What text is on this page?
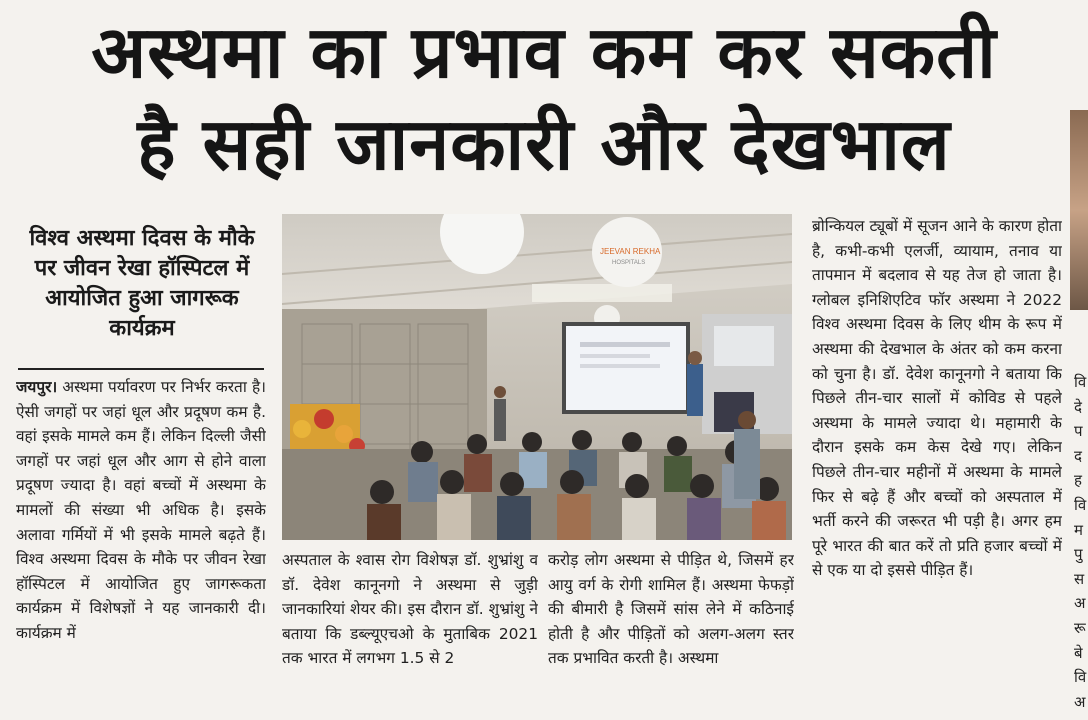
अस्थमा का प्रभाव कम कर सकती
है सही जानकारी और देखभाल
विश्व अस्थमा दिवस के मौके पर जीवन रेखा हॉस्पिटल में आयोजित हुआ जागरूक कार्यक्रम

जयपुर। अस्थमा पर्यावरण पर निर्भर करता है। ऐसी जगहों पर जहां धूल और प्रदूषण कम है. वहां इसके मामले कम हैं। लेकिन दिल्ली जैसी जगहों पर जहां धूल और आग से होने वाला प्रदूषण ज्यादा है। वहां बच्चों में अस्थमा के मामलों की संख्या भी अधिक है। इसके अलावा गर्मियों में भी इसके मामले बढ़ते हैं। विश्व अस्थमा दिवस के मौके पर जीवन रेखा हॉस्पिटल में आयोजित हुए जागरूकता कार्यक्रम में विशेषज्ञों ने यह जानकारी दी। कार्यक्रम में

JEEVAN REKHA
HOSPITALS

अस्पताल के श्वास रोग विशेषज्ञ डॉ. शुभ्रांशु व डॉ. देवेश कानूनगो ने अस्थमा से जुड़ी जानकारियां शेयर की। इस दौरान डॉ. शुभ्रांशु ने बताया कि डब्ल्यूएचओ के मुताबिक 2021 तक भारत में लगभग 1.5 से 2

करोड़ लोग अस्थमा से पीड़ित थे, जिसमें हर आयु वर्ग के रोगी शामिल हैं। अस्थमा फेफड़ों की बीमारी है जिसमें सांस लेने में कठिनाई होती है और पीड़ितों को अलग-अलग स्तर तक प्रभावित करती है। अस्थमा

ब्रोन्कियल ट्यूबों में सूजन आने के कारण होता है, कभी-कभी एलर्जी, व्यायाम, तनाव या तापमान में बदलाव से यह तेज हो जाता है। ग्लोबल इनिशिएटिव फॉर अस्थमा ने 2022 विश्व अस्थमा दिवस के लिए थीम के रूप में अस्थमा की देखभाल के अंतर को कम करना को चुना है। डॉ. देवेश कानूनगो ने बताया कि पिछले तीन-चार सालों में कोविड से पहले अस्थमा के मामले ज्यादा थे। महामारी के दौरान इसके कम केस देखे गए। लेकिन पिछले तीन-चार महीनों में अस्थमा के मामले फिर से बढ़े हैं और बच्चों को अस्पताल में भर्ती करने की जरूरत भी पड़ी है। अगर हम पूरे भारत की बात करें तो प्रति हजार बच्चों में से एक या दो इससे पीड़ित हैं।

वि
दे
प
द
ह
वि
म
पु
स
अ
रू
बे
वि
अ
